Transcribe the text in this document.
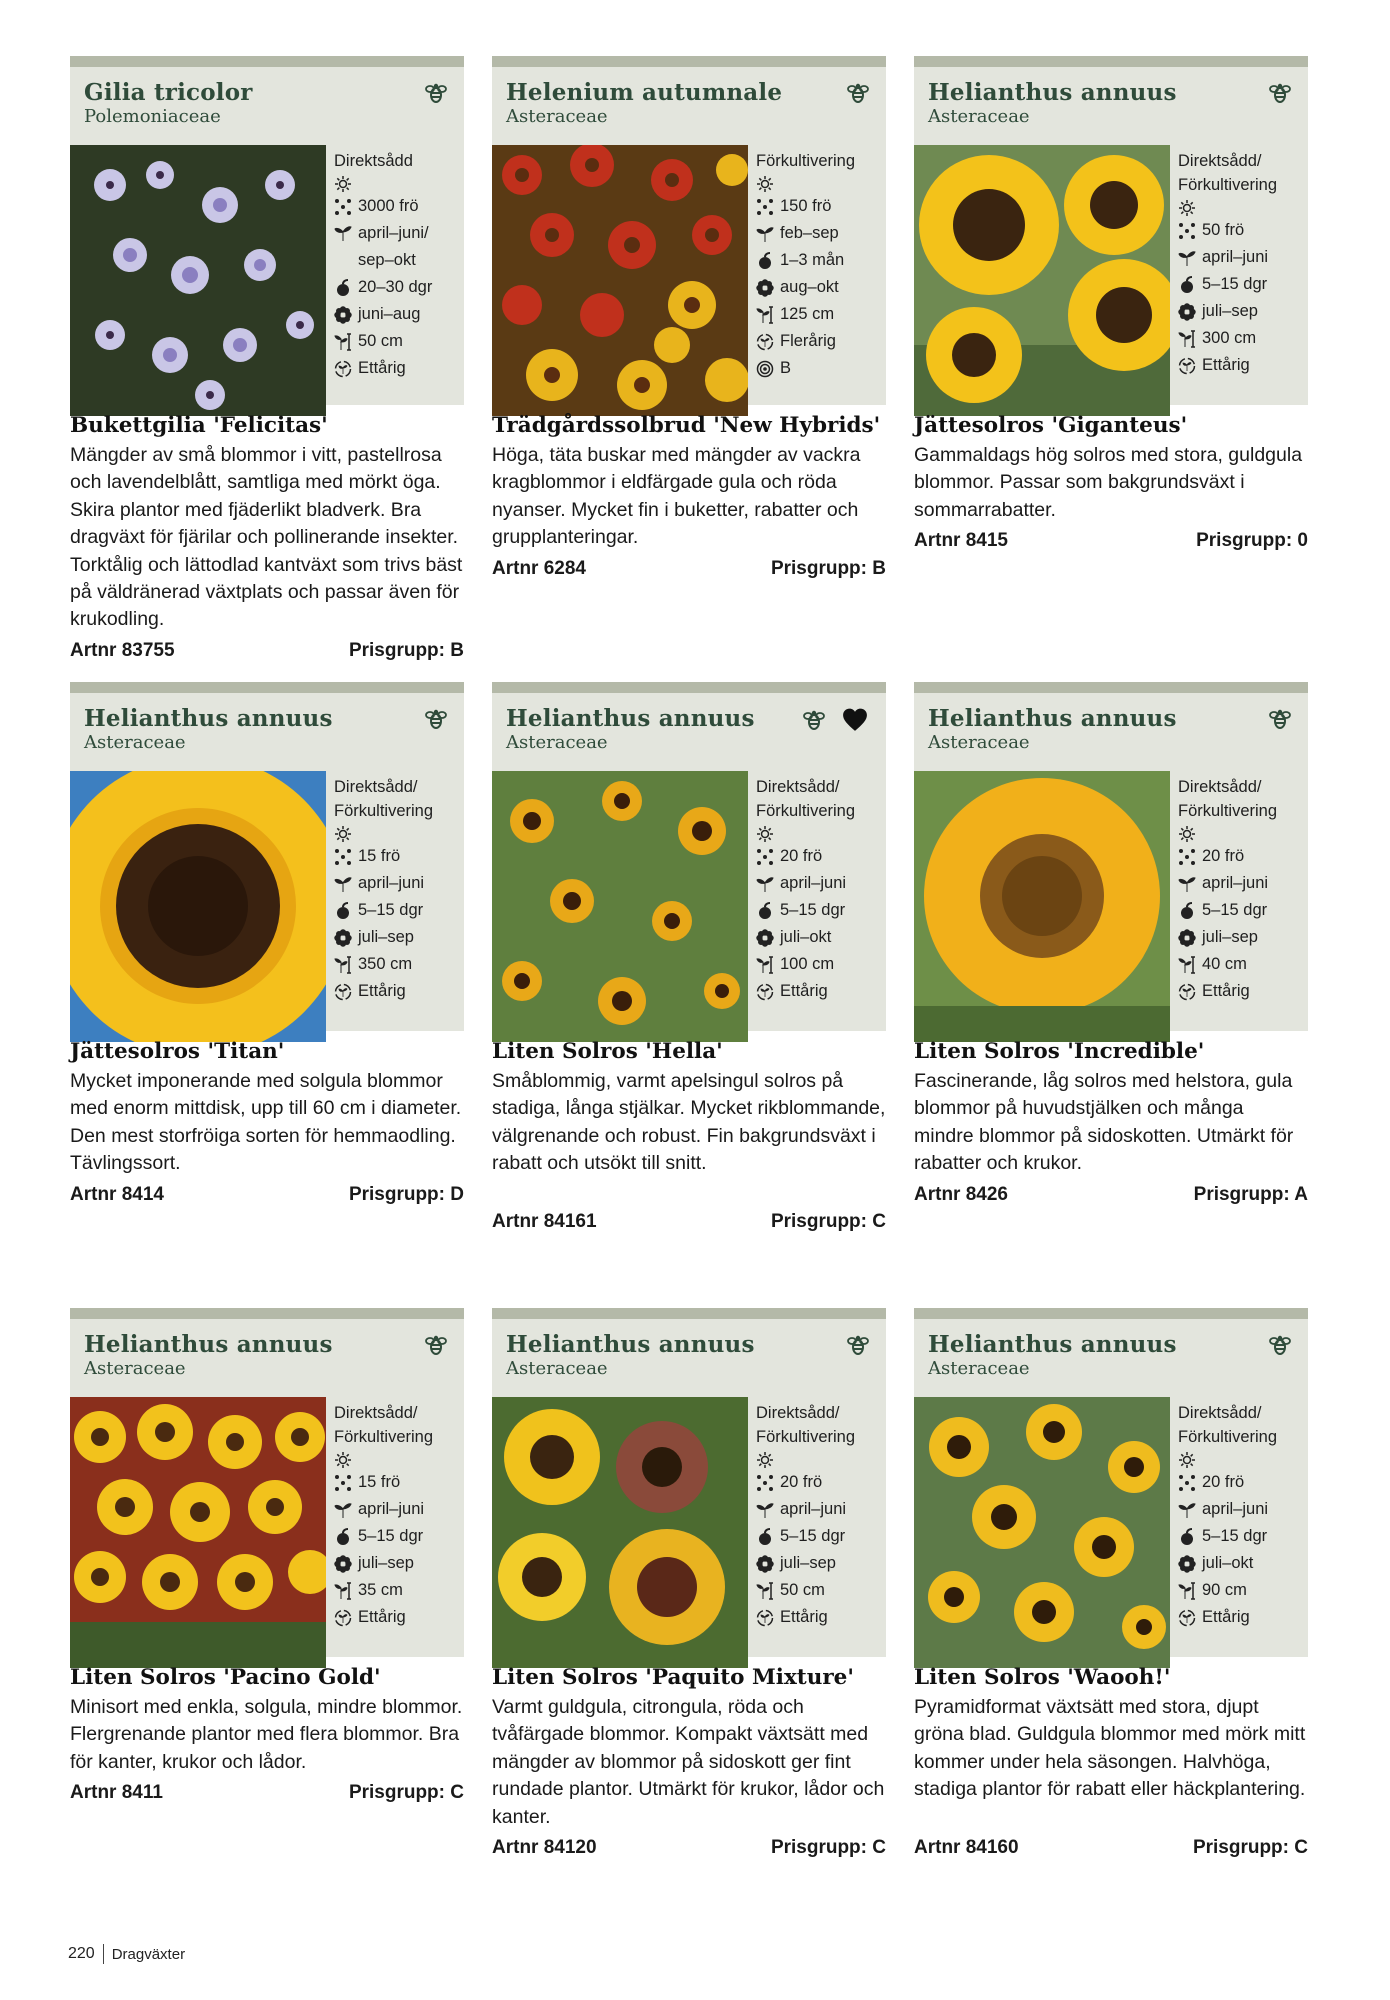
Gilia tricolor
Polemoniaceae
Direktsådd
3000 frö
april–juni/ sep–okt
20–30 dgr
juni–aug
50 cm
Ettårig
Bukettgilia 'Felicitas'
Mängder av små blommor i vitt, pastellrosa och lavendelblått, samtliga med mörkt öga. Skira plantor med fjäderlikt bladverk. Bra dragväxt för fjärilar och pollinerande insekter. Torktålig och lättodlad kantväxt som trivs bäst på väldränerad växtplats och passar även för krukodling.
Artnr 83755	Prisgrupp: B
Helenium autumnale
Asteraceae
Förkultivering
150 frö
feb–sep
1–3 mån
aug–okt
125 cm
Flerårig
B
Trädgårdssolbrud 'New Hybrids'
Höga, täta buskar med mängder av vackra kragblommor i eldfärgade gula och röda nyanser. Mycket fin i buketter, rabatter och grupplanteringar.
Artnr 6284	Prisgrupp: B
Helianthus annuus
Asteraceae
Direktsådd/ Förkultivering
50 frö
april–juni
5–15 dgr
juli–sep
300 cm
Ettårig
Jättesolros 'Giganteus'
Gammaldags hög solros med stora, guldgula blommor. Passar som bakgrundsväxt i sommarrabatter.
Artnr 8415	Prisgrupp: 0
Helianthus annuus
Asteraceae
Direktsådd/ Förkultivering
15 frö
april–juni
5–15 dgr
juli–sep
350 cm
Ettårig
Jättesolros 'Titan'
Mycket imponerande med solgula blommor med enorm mittdisk, upp till 60 cm i diameter. Den mest storfröiga sorten för hemmaodling. Tävlingssort.
Artnr 8414	Prisgrupp: D
Helianthus annuus
Asteraceae
Direktsådd/ Förkultivering
20 frö
april–juni
5–15 dgr
juli–okt
100 cm
Ettårig
Liten Solros 'Hella'
Småblommig, varmt apelsingul solros på stadiga, långa stjälkar. Mycket rikblommande, välgrenande och robust. Fin bakgrundsväxt i rabatt och utsökt till snitt.
Artnr 84161	Prisgrupp: C
Helianthus annuus
Asteraceae
Direktsådd/ Förkultivering
20 frö
april–juni
5–15 dgr
juli–sep
40 cm
Ettårig
Liten Solros 'Incredible'
Fascinerande, låg solros med helstora, gula blommor på huvudstjälken och många mindre blommor på sidoskotten. Utmärkt för rabatter och krukor.
Artnr 8426	Prisgrupp: A
Helianthus annuus
Asteraceae
Direktsådd/ Förkultivering
15 frö
april–juni
5–15 dgr
juli–sep
35 cm
Ettårig
Liten Solros 'Pacino Gold'
Minisort med enkla, solgula, mindre blommor. Flergrenande plantor med flera blommor. Bra för kanter, krukor och lådor.
Artnr 8411	Prisgrupp: C
Helianthus annuus
Asteraceae
Direktsådd/ Förkultivering
20 frö
april–juni
5–15 dgr
juli–sep
50 cm
Ettårig
Liten Solros 'Paquito Mixture'
Varmt guldgula, citrongula, röda och tvåfärgade blommor. Kompakt växtsätt med mängder av blommor på sidoskott ger fint rundade plantor. Utmärkt för krukor, lådor och kanter.
Artnr 84120	Prisgrupp: C
Helianthus annuus
Asteraceae
Direktsådd/ Förkultivering
20 frö
april–juni
5–15 dgr
juli–okt
90 cm
Ettårig
Liten Solros 'Waooh!'
Pyramidformat växtsätt med stora, djupt gröna blad. Guldgula blommor med mörk mitt kommer under hela säsongen. Halvhöga, stadiga plantor för rabatt eller häckplantering.
Artnr 84160	Prisgrupp: C
220 Dragväxter
